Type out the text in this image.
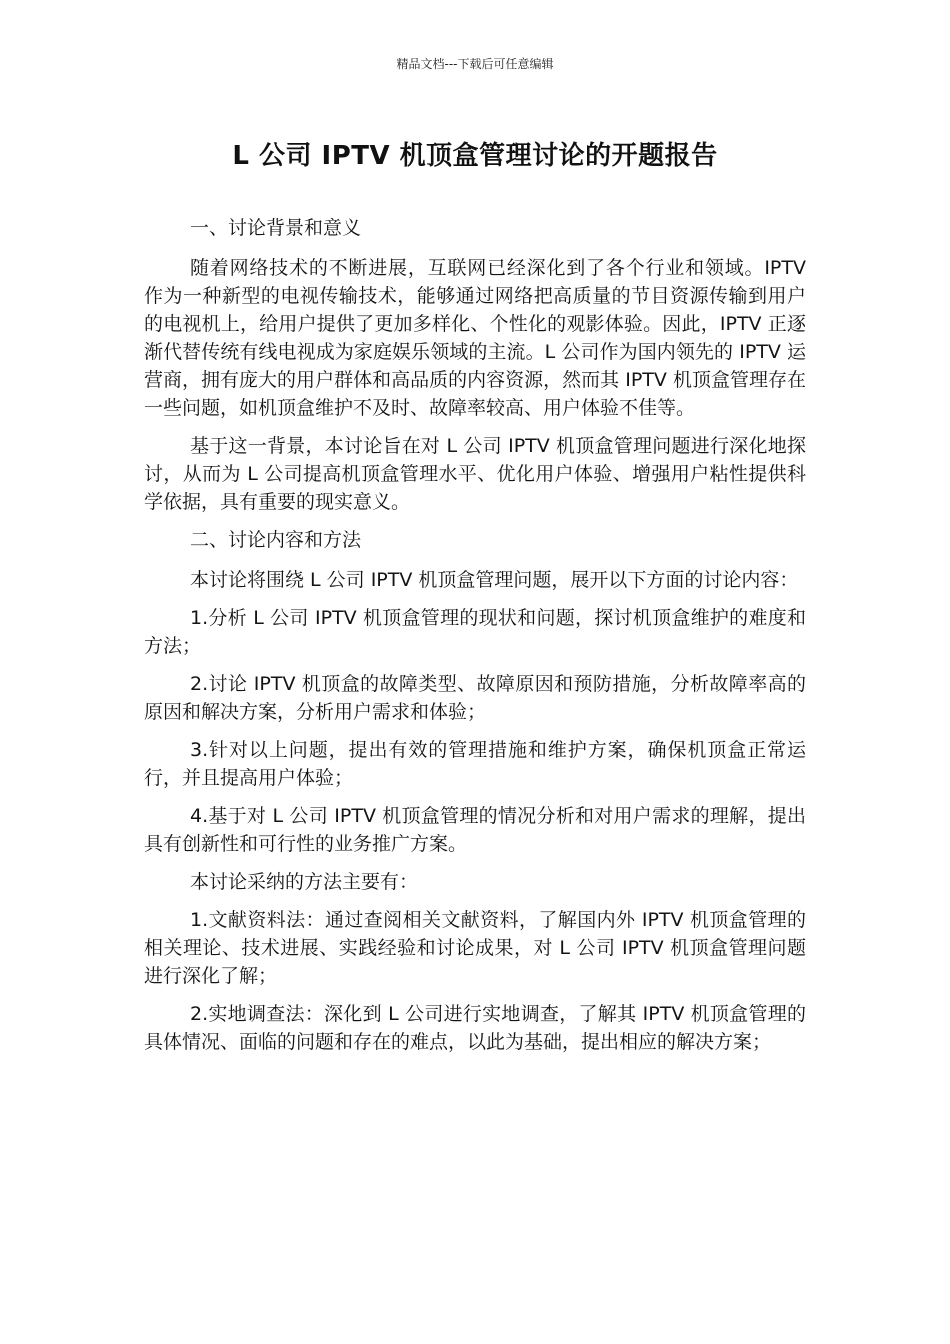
精品文档---下载后可任意编辑
L 公司 IPTV 机顶盒管理讨论的开题报告

一、讨论背景和意义

随着网络技术的不断进展，互联网已经深化到了各个行业和领域。IPTV 作为一种新型的电视传输技术，能够通过网络把高质量的节目资源传输到用户的电视机上，给用户提供了更加多样化、个性化的观影体验。因此，IPTV 正逐渐代替传统有线电视成为家庭娱乐领域的主流。L 公司作为国内领先的 IPTV 运营商，拥有庞大的用户群体和高品质的内容资源，然而其 IPTV 机顶盒管理存在一些问题，如机顶盒维护不及时、故障率较高、用户体验不佳等。

基于这一背景，本讨论旨在对 L 公司 IPTV 机顶盒管理问题进行深化地探讨，从而为 L 公司提高机顶盒管理水平、优化用户体验、增强用户粘性提供科学依据，具有重要的现实意义。

二、讨论内容和方法

本讨论将围绕 L 公司 IPTV 机顶盒管理问题，展开以下方面的讨论内容：

1.分析 L 公司 IPTV 机顶盒管理的现状和问题，探讨机顶盒维护的难度和方法；

2.讨论 IPTV 机顶盒的故障类型、故障原因和预防措施，分析故障率高的原因和解决方案，分析用户需求和体验；

3.针对以上问题，提出有效的管理措施和维护方案，确保机顶盒正常运行，并且提高用户体验；

4.基于对 L 公司 IPTV 机顶盒管理的情况分析和对用户需求的理解，提出具有创新性和可行性的业务推广方案。

本讨论采纳的方法主要有：

1.文献资料法：通过查阅相关文献资料，了解国内外 IPTV 机顶盒管理的相关理论、技术进展、实践经验和讨论成果，对 L 公司 IPTV 机顶盒管理问题进行深化了解；

2.实地调查法：深化到 L 公司进行实地调查，了解其 IPTV 机顶盒管理的具体情况、面临的问题和存在的难点，以此为基础，提出相应的解决方案；
